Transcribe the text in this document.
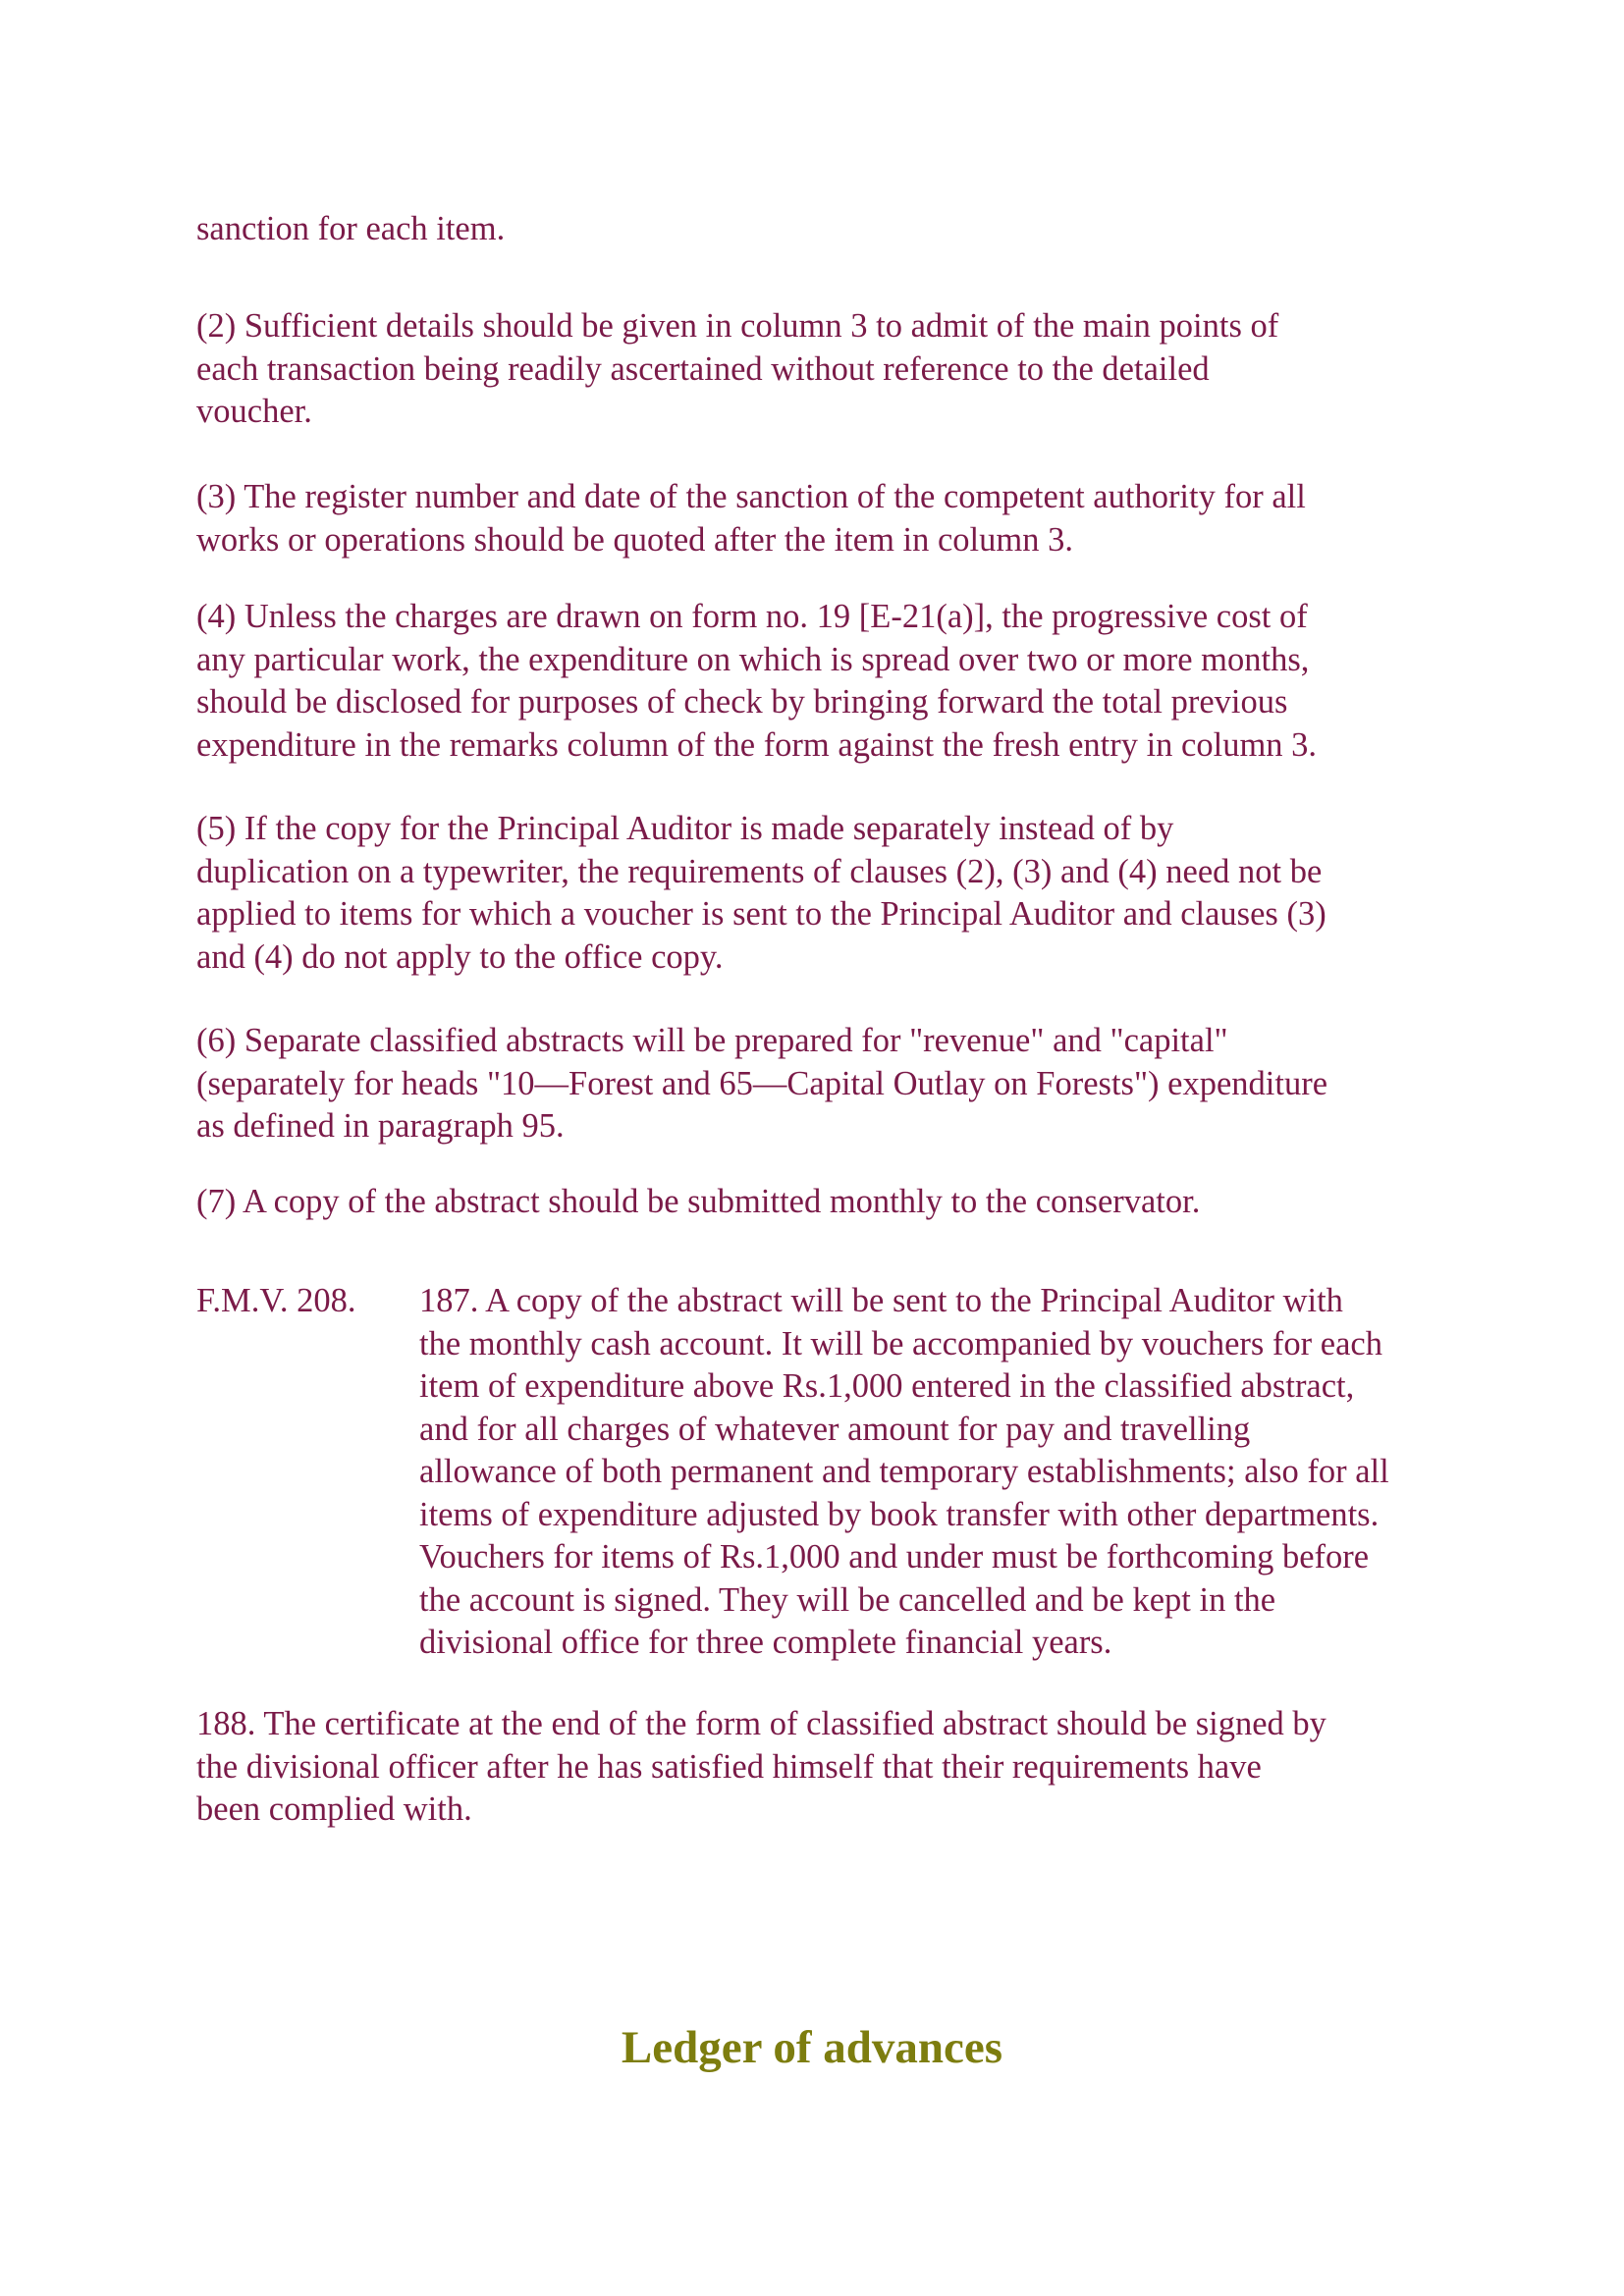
sanction for each item.

(2) Sufficient details should be given in column 3 to admit of the main points of
each transaction being readily ascertained without reference to the detailed
voucher.

(3) The register number and date of the sanction of the competent authority for all
works or operations should be quoted after the item in column 3.

(4) Unless the charges are drawn on form no. 19 [E-21(a)], the progressive cost of
any particular work, the expenditure on which is spread over two or more months,
should be disclosed for purposes of check by bringing forward the total previous
expenditure in the remarks column of the form against the fresh entry in column 3.

(5) If the copy for the Principal Auditor is made separately instead of by
duplication on a typewriter, the requirements of clauses (2), (3) and (4) need not be
applied to items for which a voucher is sent to the Principal Auditor and clauses (3)
and (4) do not apply to the office copy.

(6) Separate classified abstracts will be prepared for "revenue" and "capital"
(separately for heads "10—Forest and 65—Capital Outlay on Forests") expenditure
as defined in paragraph 95.

(7) A copy of the abstract should be submitted monthly to the conservator.

F.M.V. 208. 187. A copy of the abstract will be sent to the Principal Auditor with
the monthly cash account. It will be accompanied by vouchers for each
item of expenditure above Rs.1,000 entered in the classified abstract,
and for all charges of whatever amount for pay and travelling
allowance of both permanent and temporary establishments; also for all
items of expenditure adjusted by book transfer with other departments.
Vouchers for items of Rs.1,000 and under must be forthcoming before
the account is signed. They will be cancelled and be kept in the
divisional office for three complete financial years.

188. The certificate at the end of the form of classified abstract should be signed by
the divisional officer after he has satisfied himself that their requirements have
been complied with.

Ledger of advances
